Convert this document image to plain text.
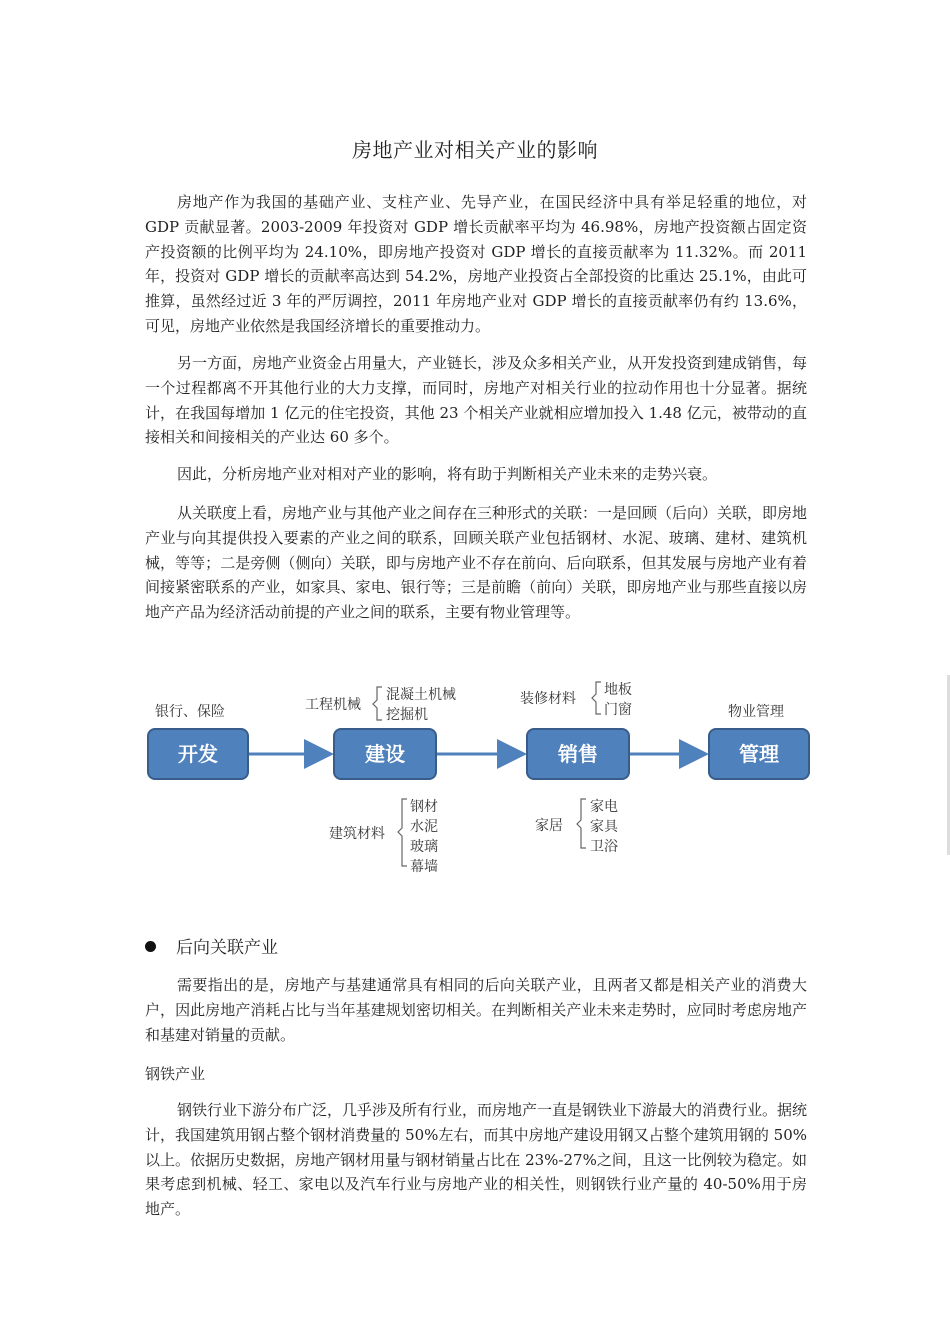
房地产业对相关产业的影响

房地产作为我国的基础产业、支柱产业、先导产业，在国民经济中具有举足轻重的地位，对 GDP 贡献显著。2003-2009 年投资对 GDP 增长贡献率平均为 46.98%，房地产投资额占固定资产投资额的比例平均为 24.10%，即房地产投资对 GDP 增长的直接贡献率为 11.32%。而 2011 年，投资对 GDP 增长的贡献率高达到 54.2%，房地产业投资占全部投资的比重达 25.1%，由此可推算，虽然经过近 3 年的严厉调控，2011 年房地产业对 GDP 增长的直接贡献率仍有约 13.6%，可见，房地产业依然是我国经济增长的重要推动力。

另一方面，房地产业资金占用量大，产业链长，涉及众多相关产业，从开发投资到建成销售，每一个过程都离不开其他行业的大力支撑，而同时，房地产对相关行业的拉动作用也十分显著。据统计，在我国每增加 1 亿元的住宅投资，其他 23 个相关产业就相应增加投入 1.48 亿元，被带动的直接相关和间接相关的产业达 60 多个。

因此，分析房地产业对相对产业的影响，将有助于判断相关产业未来的走势兴衰。

从关联度上看，房地产业与其他产业之间存在三种形式的关联：一是回顾（后向）关联，即房地产业与向其提供投入要素的产业之间的联系，回顾关联产业包括钢材、水泥、玻璃、建材、建筑机械，等等；二是旁侧（侧向）关联，即与房地产业不存在前向、后向联系，但其发展与房地产业有着间接紧密联系的产业，如家具、家电、银行等；三是前瞻（前向）关联，即房地产业与那些直接以房地产产品为经济活动前提的产业之间的联系，主要有物业管理等。

开发	建设	销售	管理
银行、保险	工程机械
混凝土机械
挖掘机
装修材料
地板
门窗	物业管理
建筑材料
钢材
水泥
玻璃
幕墙
家居
家电
家具
卫浴
后向关联产业

需要指出的是，房地产与基建通常具有相同的后向关联产业，且两者又都是相关产业的消费大户，因此房地产消耗占比与当年基建规划密切相关。在判断相关产业未来走势时，应同时考虑房地产和基建对销量的贡献。

钢铁产业

钢铁行业下游分布广泛，几乎涉及所有行业，而房地产一直是钢铁业下游最大的消费行业。据统计，我国建筑用钢占整个钢材消费量的 50%左右，而其中房地产建设用钢又占整个建筑用钢的 50%以上。依据历史数据，房地产钢材用量与钢材销量占比在 23%-27%之间，且这一比例较为稳定。如果考虑到机械、轻工、家电以及汽车行业与房地产业的相关性，则钢铁行业产量的 40-50%用于房地产。
